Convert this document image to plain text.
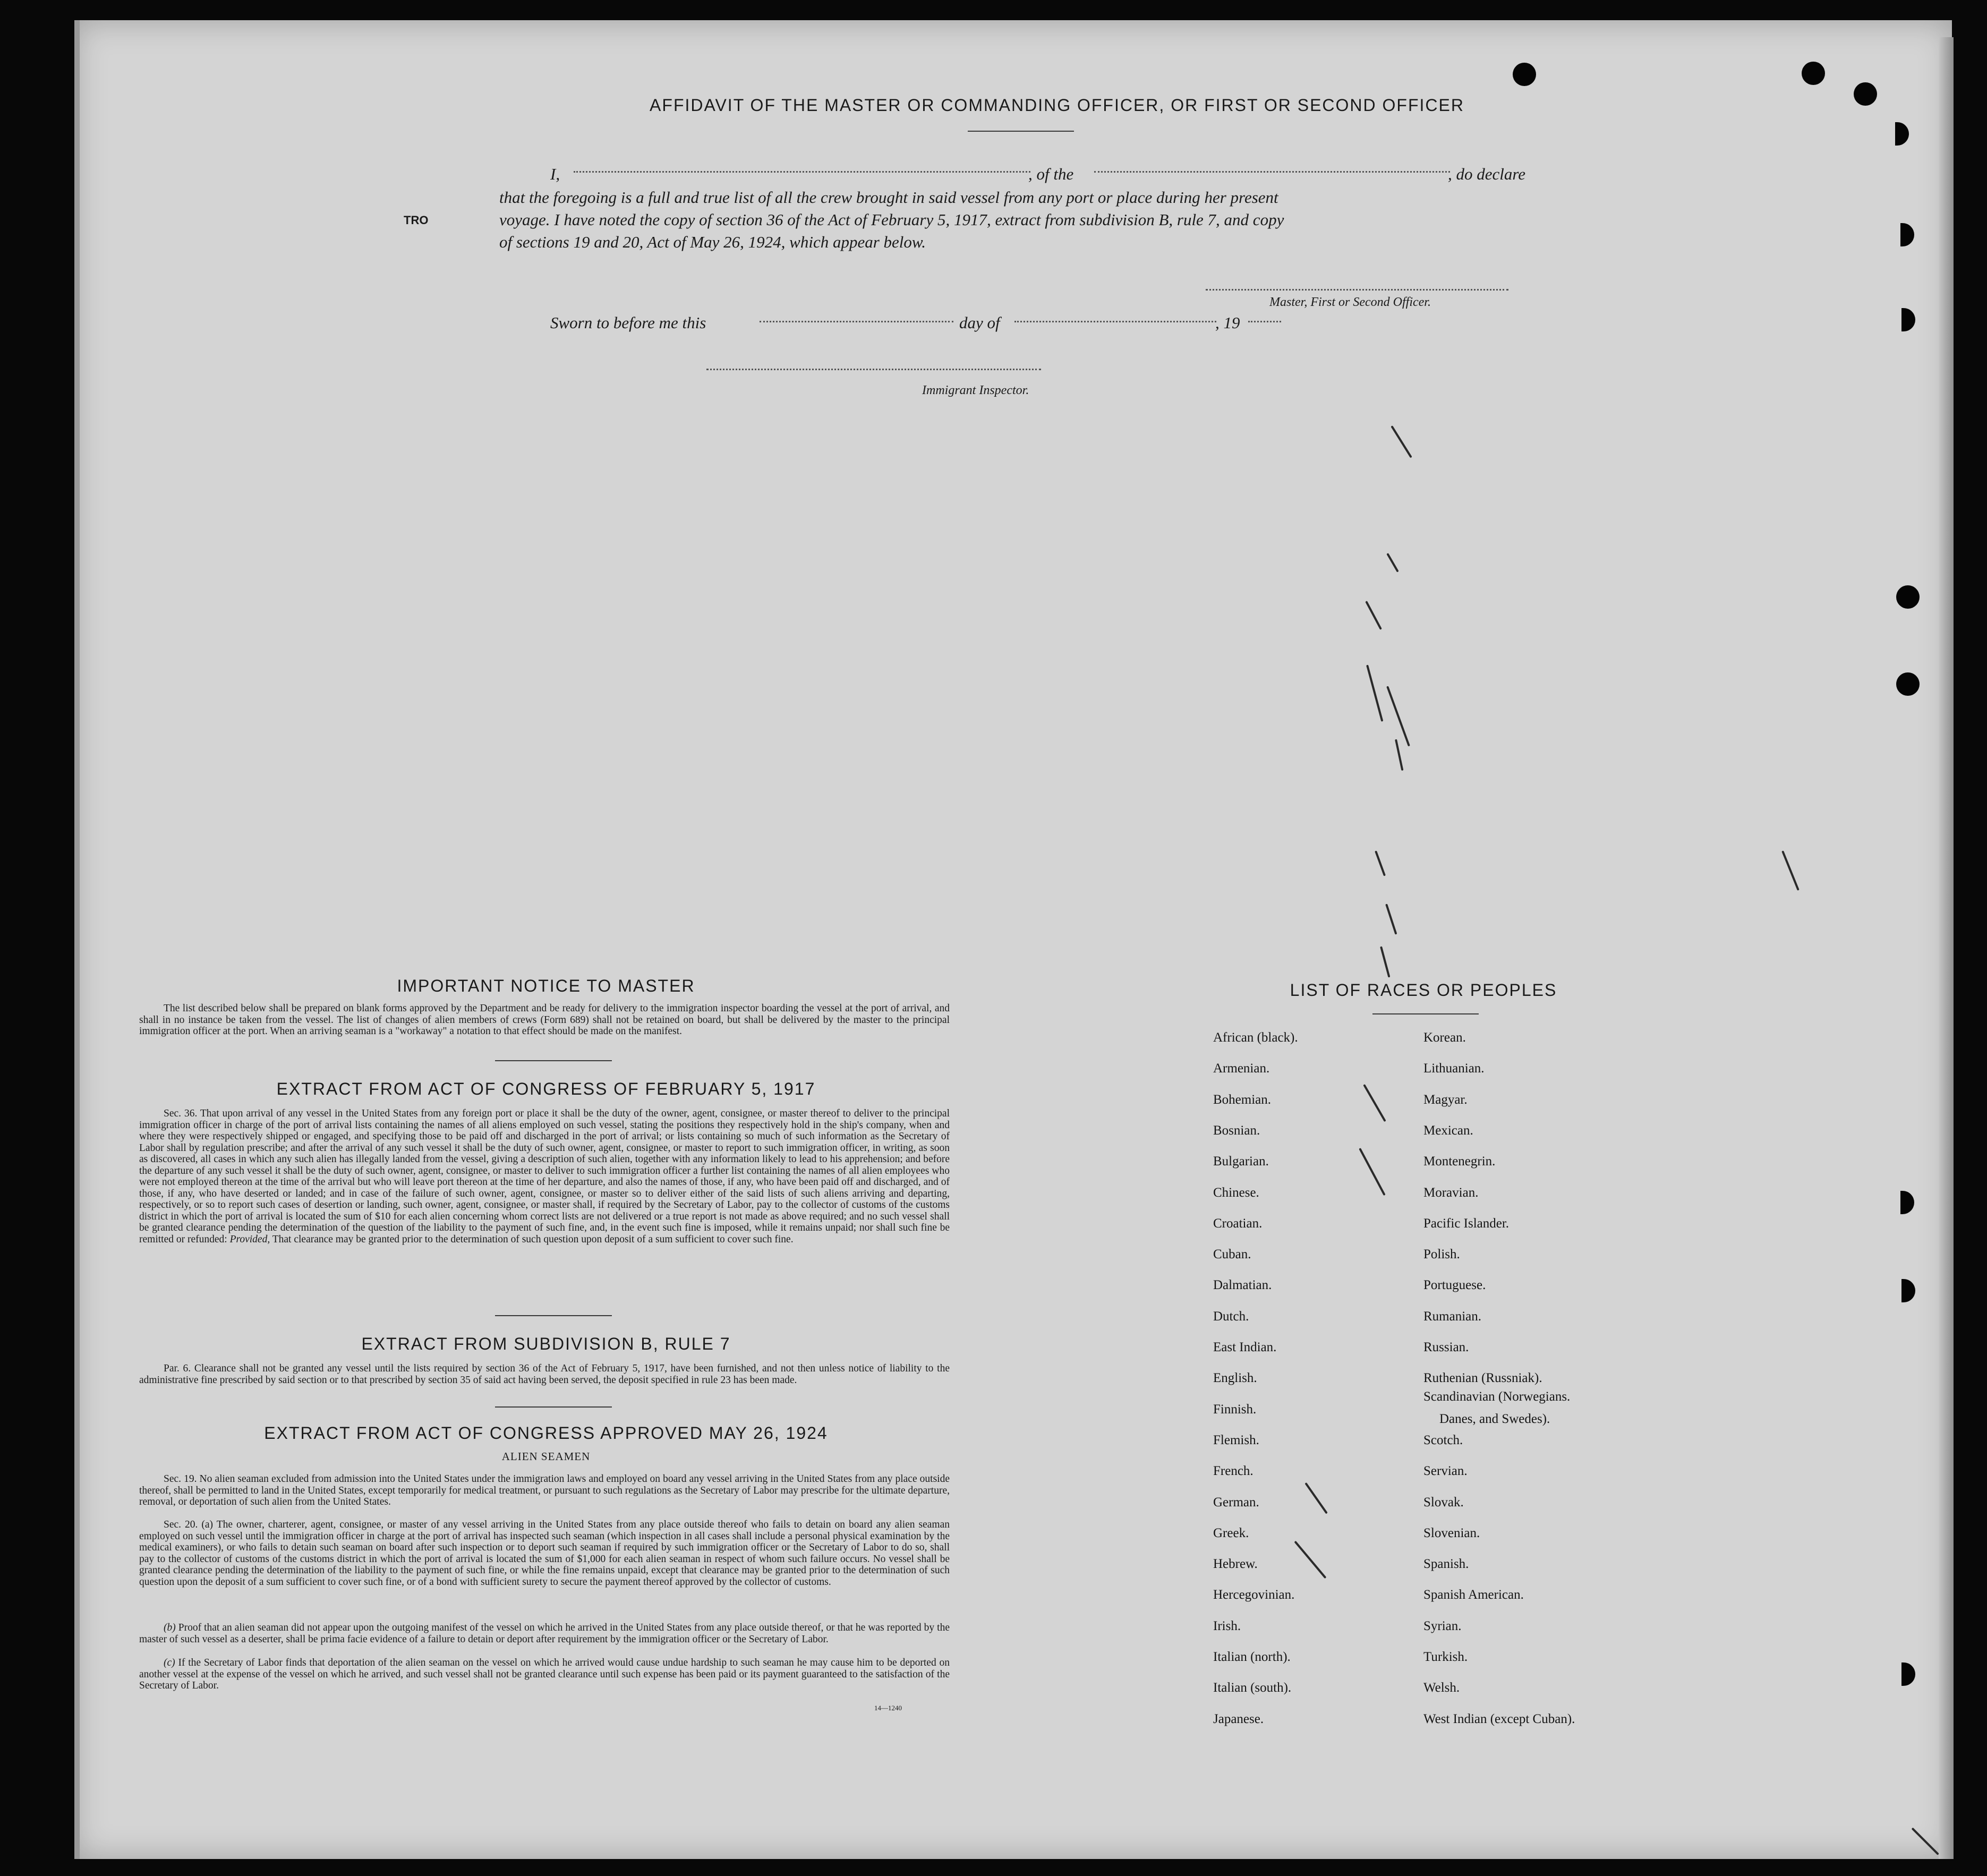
AFFIDAVIT OF THE MASTER OR COMMANDING OFFICER, OR FIRST OR SECOND OFFICER
I,	, of the	, do declare
that the foregoing is a full and true list of all the crew brought in said vessel from any port or place during her present
voyage. I have noted the copy of section 36 of the Act of February 5, 1917, extract from subdivision B, rule 7, and copy
of sections 19 and 20, Act of May 26, 1924, which appear below.
TRO
Master, First or Second Officer.
Sworn to before me this	day of	, 19
Immigrant Inspector.
IMPORTANT NOTICE TO MASTER
The list described below shall be prepared on blank forms approved by the Department and be ready for delivery to the immigration inspector boarding the vessel at the port of arrival, and shall in no instance be taken from the vessel. The list of changes of alien members of crews (Form 689) shall not be retained on board, but shall be delivered by the master to the principal immigration officer at the port. When an arriving seaman is a "workaway" a notation to that effect should be made on the manifest.
EXTRACT FROM ACT OF CONGRESS OF FEBRUARY 5, 1917
Sec. 36. That upon arrival of any vessel in the United States from any foreign port or place it shall be the duty of the owner, agent, consignee, or master thereof to deliver to the principal immigration officer in charge of the port of arrival lists containing the names of all aliens employed on such vessel, stating the positions they respectively hold in the ship's company, when and where they were respectively shipped or engaged, and specifying those to be paid off and discharged in the port of arrival; or lists containing so much of such information as the Secretary of Labor shall by regulation prescribe; and after the arrival of any such vessel it shall be the duty of such owner, agent, consignee, or master to report to such immigration officer, in writing, as soon as discovered, all cases in which any such alien has illegally landed from the vessel, giving a description of such alien, together with any information likely to lead to his apprehension; and before the departure of any such vessel it shall be the duty of such owner, agent, consignee, or master to deliver to such immigration officer a further list containing the names of all alien employees who were not employed thereon at the time of the arrival but who will leave port thereon at the time of her departure, and also the names of those, if any, who have been paid off and discharged, and of those, if any, who have deserted or landed; and in case of the failure of such owner, agent, consignee, or master so to deliver either of the said lists of such aliens arriving and departing, respectively, or so to report such cases of desertion or landing, such owner, agent, consignee, or master shall, if required by the Secretary of Labor, pay to the collector of customs of the customs district in which the port of arrival is located the sum of $10 for each alien concerning whom correct lists are not delivered or a true report is not made as above required; and no such vessel shall be granted clearance pending the determination of the question of the liability to the payment of such fine, and, in the event such fine is imposed, while it remains unpaid; nor shall such fine be remitted or refunded: Provided, That clearance may be granted prior to the determination of such question upon deposit of a sum sufficient to cover such fine.
EXTRACT FROM SUBDIVISION B, RULE 7
Par. 6. Clearance shall not be granted any vessel until the lists required by section 36 of the Act of February 5, 1917, have been furnished, and not then unless notice of liability to the administrative fine prescribed by said section or to that prescribed by section 35 of said act having been served, the deposit specified in rule 23 has been made.
EXTRACT FROM ACT OF CONGRESS APPROVED MAY 26, 1924
ALIEN SEAMEN
Sec. 19. No alien seaman excluded from admission into the United States under the immigration laws and employed on board any vessel arriving in the United States from any place outside thereof, shall be permitted to land in the United States, except temporarily for medical treatment, or pursuant to such regulations as the Secretary of Labor may prescribe for the ultimate departure, removal, or deportation of such alien from the United States.
Sec. 20. (a) The owner, charterer, agent, consignee, or master of any vessel arriving in the United States from any place outside thereof who fails to detain on board any alien seaman employed on such vessel until the immigration officer in charge at the port of arrival has inspected such seaman (which inspection in all cases shall include a personal physical examination by the medical examiners), or who fails to detain such seaman on board after such inspection or to deport such seaman if required by such immigration officer or the Secretary of Labor to do so, shall pay to the collector of customs of the customs district in which the port of arrival is located the sum of $1,000 for each alien seaman in respect of whom such failure occurs. No vessel shall be granted clearance pending the determination of the liability to the payment of such fine, or while the fine remains unpaid, except that clearance may be granted prior to the determination of such question upon the deposit of a sum sufficient to cover such fine, or of a bond with sufficient surety to secure the payment thereof approved by the collector of customs.
(b) Proof that an alien seaman did not appear upon the outgoing manifest of the vessel on which he arrived in the United States from any place outside thereof, or that he was reported by the master of such vessel as a deserter, shall be prima facie evidence of a failure to detain or deport after requirement by the immigration officer or the Secretary of Labor.
(c) If the Secretary of Labor finds that deportation of the alien seaman on the vessel on which he arrived would cause undue hardship to such seaman he may cause him to be deported on another vessel at the expense of the vessel on which he arrived, and such vessel shall not be granted clearance until such expense has been paid or its payment guaranteed to the satisfaction of the Secretary of Labor.
14—1240
LIST OF RACES OR PEOPLES
African (black).
Armenian.
Bohemian.
Bosnian.
Bulgarian.
Chinese.
Croatian.
Cuban.
Dalmatian.
Dutch.
East Indian.
English.
Finnish.
Flemish.
French.
German.
Greek.
Hebrew.
Hercegovinian.
Irish.
Italian (north).
Italian (south).
Japanese.
Korean.
Lithuanian.
Magyar.
Mexican.
Montenegrin.
Moravian.
Pacific Islander.
Polish.
Portuguese.
Rumanian.
Russian.
Ruthenian (Russniak).
Scandinavian (Norwegians.
Scotch.
Servian.
Slovak.
Slovenian.
Spanish.
Spanish American.
Syrian.
Turkish.
Welsh.
West Indian (except Cuban).
Danes, and Swedes).
